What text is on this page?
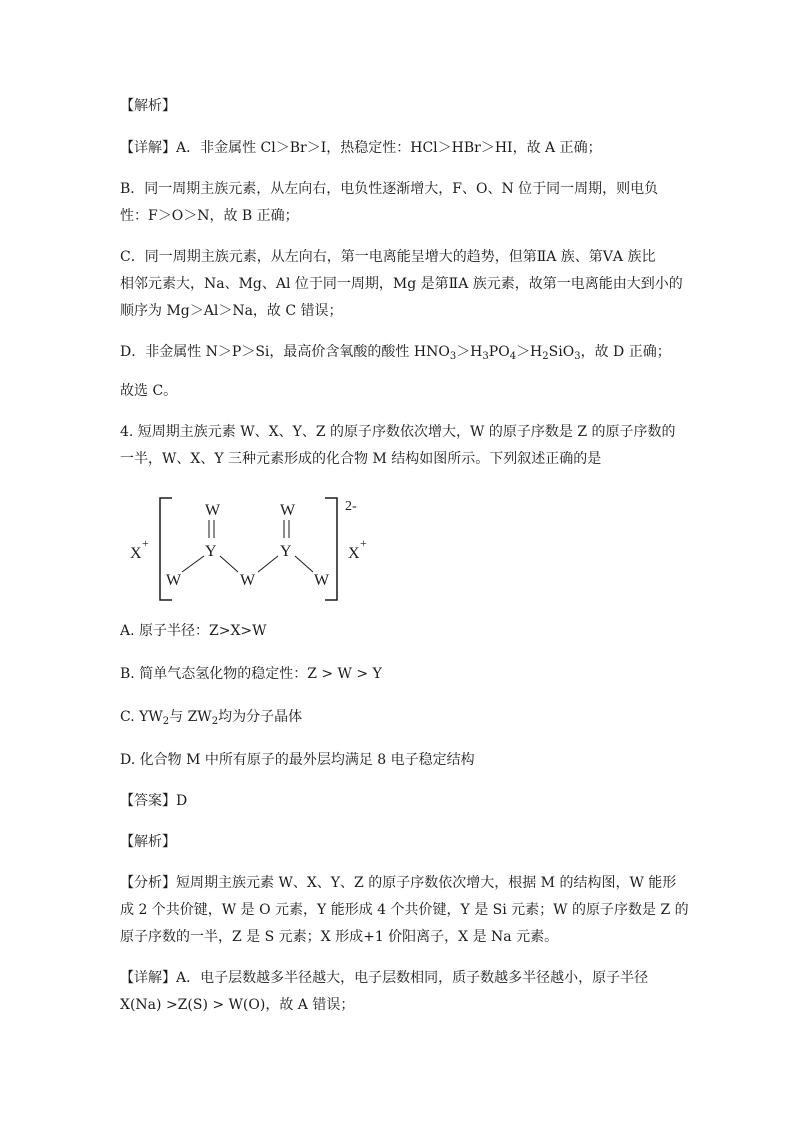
【解析】
【详解】A．非金属性 Cl＞Br＞I，热稳定性：HCl＞HBr＞HI，故 A 正确；
B．同一周期主族元素，从左向右，电负性逐渐增大，F、O、N 位于同一周期，则电负
性：F＞O＞N，故 B 正确；
C．同一周期主族元素，从左向右，第一电离能呈增大的趋势，但第ⅡA 族、第ⅤA 族比
相邻元素大，Na、Mg、Al 位于同一周期，Mg 是第ⅡA 族元素，故第一电离能由大到小的
顺序为 Mg＞Al＞Na，故 C 错误；
D．非金属性 N＞P＞Si，最高价含氧酸的酸性 $HNO_3>H_3PO_4>H_2SiO_3$，故 D 正确；
故选 C。
4. 短周期主族元素 W、X、Y、Z 的原子序数依次增大，W 的原子序数是 Z 的原子序数的
一半，W、X、Y 三种元素形成的化合物 M 结构如图所示。下列叙述正确的是
X
+
2-
X
+
W
Y
W
Y
W	W	W
A. 原子半径：Z>X>W
B. 简单气态氢化物的稳定性：Z > W > Y
C. $YW_2$与 $ZW_2$均为分子晶体
D. 化合物 M 中所有原子的最外层均满足 8 电子稳定结构
【答案】D
【解析】
【分析】短周期主族元素 W、X、Y、Z 的原子序数依次增大，根据 M 的结构图，W 能形
成 2 个共价键，W 是 O 元素，Y 能形成 4 个共价键，Y 是 Si 元素；W 的原子序数是 Z 的
原子序数的一半，Z 是 S 元素；X 形成+1 价阳离子，X 是 Na 元素。
【详解】A．电子层数越多半径越大，电子层数相同，质子数越多半径越小，原子半径
X(Na) >Z(S) > W(O)，故 A 错误；
